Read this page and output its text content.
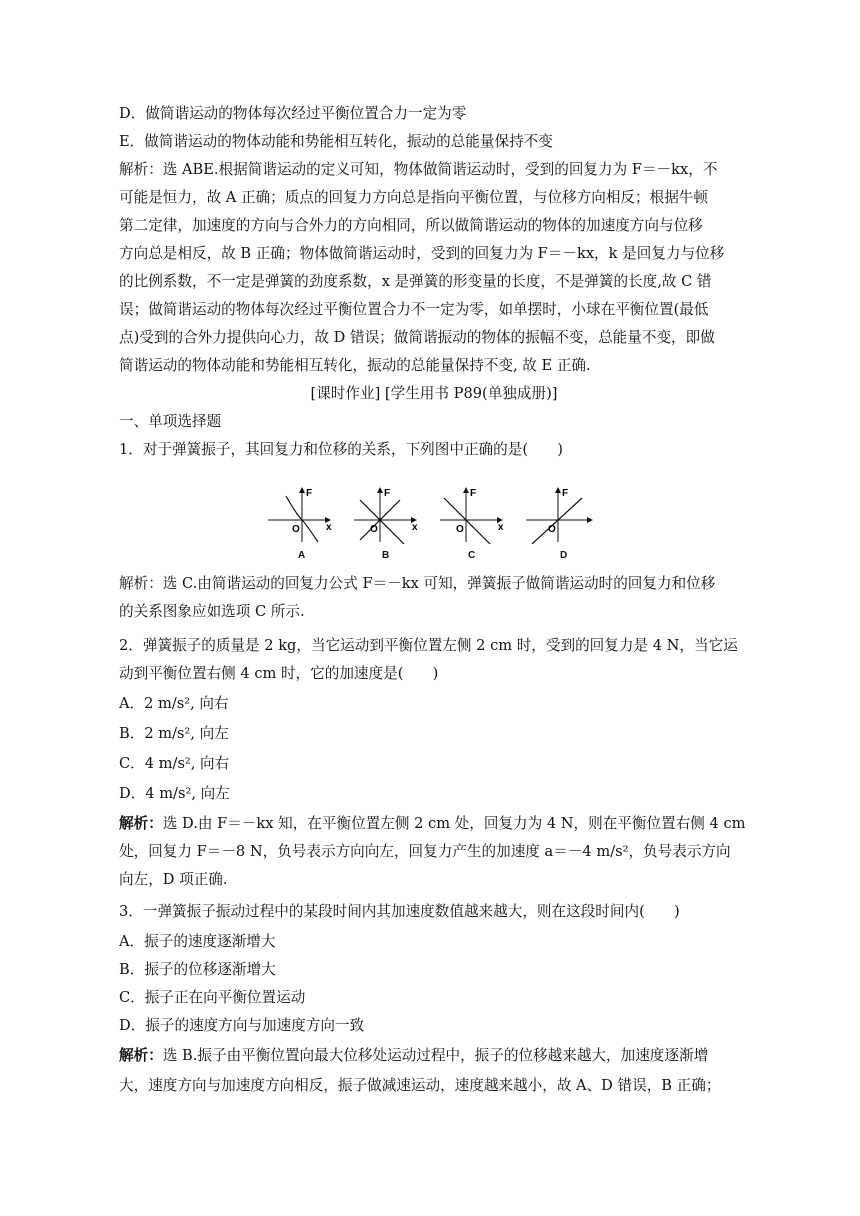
D．做简谐运动的物体每次经过平衡位置合力一定为零
E．做简谐运动的物体动能和势能相互转化，振动的总能量保持不变
解析：选 ABE.根据简谐运动的定义可知，物体做简谐运动时，受到的回复力为 F＝－kx，不
可能是恒力，故 A 正确；质点的回复力方向总是指向平衡位置，与位移方向相反；根据牛顿
第二定律，加速度的方向与合外力的方向相同，所以做简谐运动的物体的加速度方向与位移
方向总是相反，故 B 正确；物体做简谐运动时，受到的回复力为 F＝－kx，k 是回复力与位移
的比例系数，不一定是弹簧的劲度系数，x 是弹簧的形变量的长度，不是弹簧的长度,故 C 错
误；做简谐运动的物体每次经过平衡位置合力不一定为零，如单摆时，小球在平衡位置(最低
点)受到的合外力提供向心力，故 D 错误；做简谐振动的物体的振幅不变，总能量不变，即做
简谐运动的物体动能和势能相互转化，振动的总能量保持不变, 故 E 正确.
[课时作业] [学生用书 P89(单独成册)]
一、单项选择题
1．对于弹簧振子，其回复力和位移的关系，下列图中正确的是(　　)
F
x
O
F
x
O
F
x
O
F
O
A	B	C	D
解析：选 C.由简谐运动的回复力公式 F＝－kx 可知，弹簧振子做简谐运动时的回复力和位移
的关系图象应如选项 C 所示.
2．弹簧振子的质量是 2 kg，当它运动到平衡位置左侧 2 cm 时，受到的回复力是 4 N，当它运
动到平衡位置右侧 4 cm 时，它的加速度是(　　)
A．2 m/s², 向右
B．2 m/s², 向左
C．4 m/s², 向右
D．4 m/s², 向左
解析：选 D.由 F＝－kx 知，在平衡位置左侧 2 cm 处，回复力为 4 N，则在平衡位置右侧 4 cm
处，回复力 F＝－8 N，负号表示方向向左，回复力产生的加速度 a＝－4 m/s²，负号表示方向
向左，D 项正确.
3．一弹簧振子振动过程中的某段时间内其加速度数值越来越大，则在这段时间内(　　)
A．振子的速度逐渐增大
B．振子的位移逐渐增大
C．振子正在向平衡位置运动
D．振子的速度方向与加速度方向一致
解析：选 B.振子由平衡位置向最大位移处运动过程中，振子的位移越来越大，加速度逐渐增
大，速度方向与加速度方向相反，振子做减速运动，速度越来越小，故 A、D 错误，B 正确；
